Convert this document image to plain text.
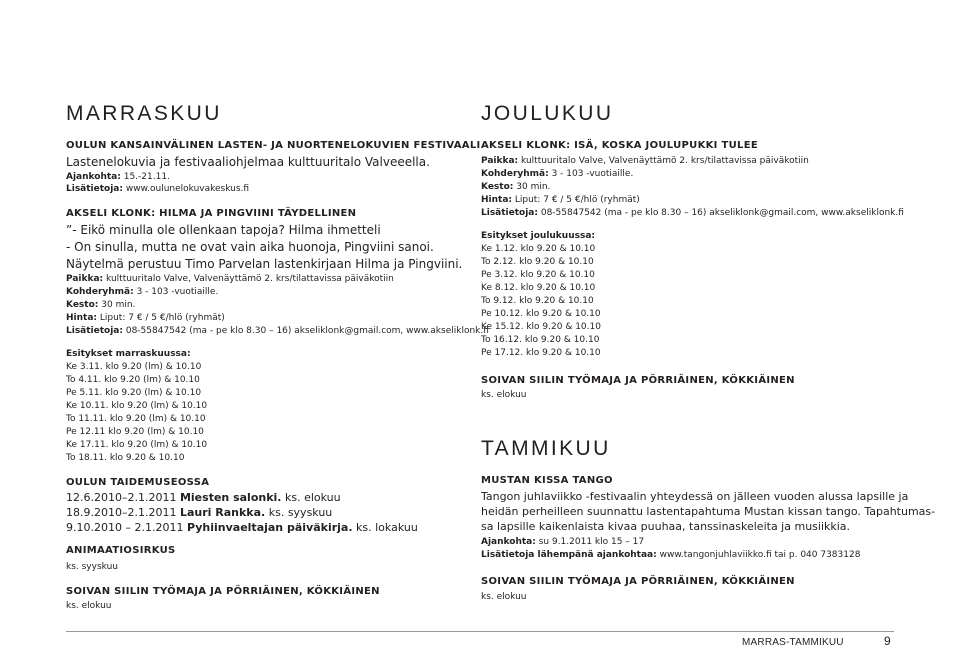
MARRASKUU
OULUN KANSAINVÄLINEN LASTEN- JA NUORTENELOKUVIEN FESTIVAALI
Lastenelokuvia ja festivaaliohjelmaa kulttuuritalo Valveeella.
Ajankohta: 15.-21.11.
Lisätietoja: www.oulunelokuvakeskus.fi
AKSELI KLONK: HILMA JA PINGVIINI TÄYDELLINEN
”- Eikö minulla ole ollenkaan tapoja? Hilma ihmetteli
- On sinulla, mutta ne ovat vain aika huonoja, Pingviini sanoi.
Näytelmä perustuu Timo Parvelan lastenkirjaan Hilma ja Pingviini.
Paikka: kulttuuritalo Valve, Valvenäyttämö 2. krs/tilattavissa päiväkotiin
Kohderyhmä: 3 - 103 -vuotiaille.
Kesto: 30 min.
Hinta: Liput: 7 € / 5 €/hlö (ryhmät)
Lisätietoja: 08-55847542 (ma - pe klo 8.30 – 16) akseliklonk@gmail.com, www.akseliklonk.fi
Esitykset marraskuussa:
Ke 3.11. klo 9.20 (lm) & 10.10
To 4.11. klo 9.20 (lm) & 10.10
Pe 5.11. klo 9.20 (lm) & 10.10
Ke 10.11. klo 9.20 (lm) & 10.10
To 11.11. klo 9.20 (lm) & 10.10
Pe 12.11 klo 9.20 (lm) & 10.10
Ke 17.11. klo 9.20 (lm) & 10.10
To 18.11. klo 9.20 & 10.10
OULUN TAIDEMUSEOSSA
12.6.2010–2.1.2011 Miesten salonki. ks. elokuu
18.9.2010–2.1.2011 Lauri Rankka. ks. syyskuu
9.10.2010 – 2.1.2011 Pyhiinvaeltajan päiväkirja. ks. lokakuu
ANIMAATIOSIRKUS
ks. syyskuu
SOIVAN SIILIN TYÖMAJA JA PÖRRIÄINEN, KÖKKIÄINEN
ks. elokuu
JOULUKUU
AKSELI KLONK: ISÄ, KOSKA JOULUPUKKI TULEE
Paikka: kulttuuritalo Valve, Valvenäyttämö 2. krs/tilattavissa päiväkotiin
Kohderyhmä: 3 - 103 -vuotiaille.
Kesto: 30 min.
Hinta: Liput: 7 € / 5 €/hlö (ryhmät)
Lisätietoja: 08-55847542 (ma - pe klo 8.30 – 16) akseliklonk@gmail.com, www.akseliklonk.fi
Esitykset joulukuussa:
Ke 1.12. klo 9.20 & 10.10
To 2.12. klo 9.20 & 10.10
Pe 3.12. klo 9.20 & 10.10
Ke 8.12. klo 9.20 & 10.10
To 9.12. klo 9.20 & 10.10
Pe 10.12. klo 9.20 & 10.10
Ke 15.12. klo 9.20 & 10.10
To 16.12. klo 9.20 & 10.10
Pe 17.12. klo 9.20 & 10.10
SOIVAN SIILIN TYÖMAJA JA PÖRRIÄINEN, KÖKKIÄINEN
ks. elokuu
TAMMIKUU
MUSTAN KISSA TANGO
Tangon juhlaviikko -festivaalin yhteydessä on jälleen vuoden alussa lapsille ja
heidän perheilleen suunnattu lastentapahtuma Mustan kissan tango. Tapahtumas-
sa lapsille kaikenlaista kivaa puuhaa, tanssinaskeleita ja musiikkia.
Ajankohta: su 9.1.2011 klo 15 – 17
Lisätietoja lähempänä ajankohtaa: www.tangonjuhlaviikko.fi tai p. 040 7383128
SOIVAN SIILIN TYÖMAJA JA PÖRRIÄINEN, KÖKKIÄINEN
ks. elokuu
MARRAS-TAMMIKUU	9
